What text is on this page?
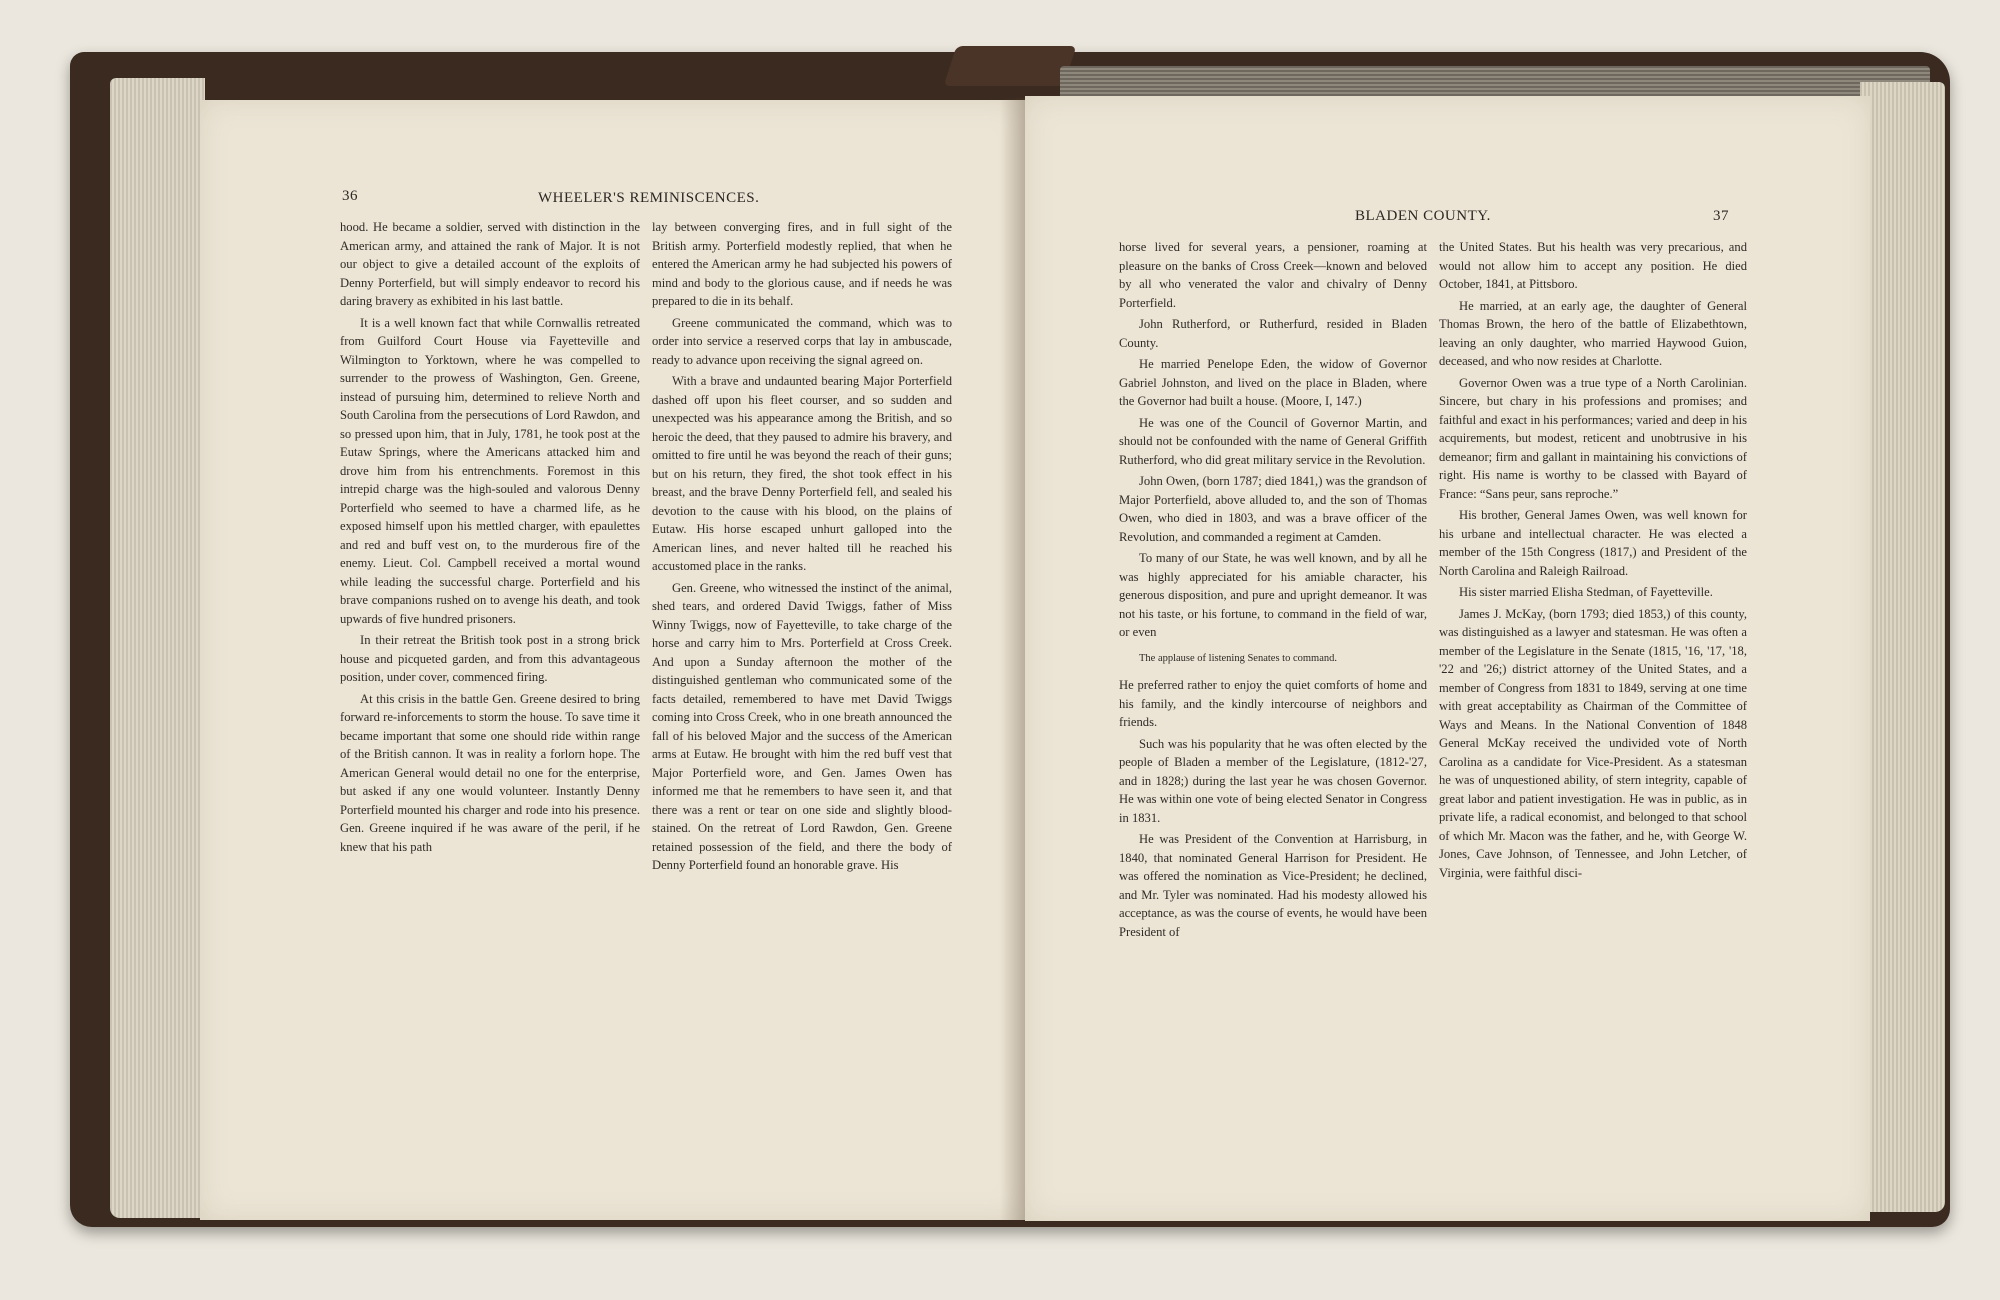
36	WHEELER'S REMINISCENCES.

hood. He became a soldier, served with distinction in the American army, and attained the rank of Major. It is not our object to give a detailed account of the exploits of Denny Porterfield, but will simply endeavor to record his daring bravery as exhibited in his last battle.

It is a well known fact that while Cornwallis retreated from Guilford Court House via Fayetteville and Wilmington to Yorktown, where he was compelled to surrender to the prowess of Washington, Gen. Greene, instead of pursuing him, determined to relieve North and South Carolina from the persecutions of Lord Rawdon, and so pressed upon him, that in July, 1781, he took post at the Eutaw Springs, where the Americans attacked him and drove him from his entrenchments. Foremost in this intrepid charge was the high-souled and valorous Denny Porterfield who seemed to have a charmed life, as he exposed himself upon his mettled charger, with epaulettes and red and buff vest on, to the murderous fire of the enemy. Lieut. Col. Campbell received a mortal wound while leading the successful charge. Porterfield and his brave companions rushed on to avenge his death, and took upwards of five hundred prisoners.

In their retreat the British took post in a strong brick house and picqueted garden, and from this advantageous position, under cover, commenced firing.

At this crisis in the battle Gen. Greene desired to bring forward re-inforcements to storm the house. To save time it became important that some one should ride within range of the British cannon. It was in reality a forlorn hope. The American General would detail no one for the enterprise, but asked if any one would volunteer. Instantly Denny Porterfield mounted his charger and rode into his presence. Gen. Greene inquired if he was aware of the peril, if he knew that his path

lay between converging fires, and in full sight of the British army. Porterfield modestly replied, that when he entered the American army he had subjected his powers of mind and body to the glorious cause, and if needs he was prepared to die in its behalf.

Greene communicated the command, which was to order into service a reserved corps that lay in ambuscade, ready to advance upon receiving the signal agreed on.

With a brave and undaunted bearing Major Porterfield dashed off upon his fleet courser, and so sudden and unexpected was his appearance among the British, and so heroic the deed, that they paused to admire his bravery, and omitted to fire until he was beyond the reach of their guns; but on his return, they fired, the shot took effect in his breast, and the brave Denny Porterfield fell, and sealed his devotion to the cause with his blood, on the plains of Eutaw. His horse escaped unhurt galloped into the American lines, and never halted till he reached his accustomed place in the ranks.

Gen. Greene, who witnessed the instinct of the animal, shed tears, and ordered David Twiggs, father of Miss Winny Twiggs, now of Fayetteville, to take charge of the horse and carry him to Mrs. Porterfield at Cross Creek. And upon a Sunday afternoon the mother of the distinguished gentleman who communicated some of the facts detailed, remembered to have met David Twiggs coming into Cross Creek, who in one breath announced the fall of his beloved Major and the success of the American arms at Eutaw. He brought with him the red buff vest that Major Porterfield wore, and Gen. James Owen has informed me that he remembers to have seen it, and that there was a rent or tear on one side and slightly blood-stained. On the retreat of Lord Rawdon, Gen. Greene retained possession of the field, and there the body of Denny Porterfield found an honorable grave. His

BLADEN COUNTY.	37

horse lived for several years, a pensioner, roaming at pleasure on the banks of Cross Creek—known and beloved by all who venerated the valor and chivalry of Denny Porterfield.

John Rutherford, or Rutherfurd, resided in Bladen County.

He married Penelope Eden, the widow of Governor Gabriel Johnston, and lived on the place in Bladen, where the Governor had built a house. (Moore, I, 147.)

He was one of the Council of Governor Martin, and should not be confounded with the name of General Griffith Rutherford, who did great military service in the Revolution.

John Owen, (born 1787; died 1841,) was the grandson of Major Porterfield, above alluded to, and the son of Thomas Owen, who died in 1803, and was a brave officer of the Revolution, and commanded a regiment at Camden.

To many of our State, he was well known, and by all he was highly appreciated for his amiable character, his generous disposition, and pure and upright demeanor. It was not his taste, or his fortune, to command in the field of war, or even

The applause of listening Senates to command.

He preferred rather to enjoy the quiet comforts of home and his family, and the kindly intercourse of neighbors and friends.

Such was his popularity that he was often elected by the people of Bladen a member of the Legislature, (1812-'27, and in 1828;) during the last year he was chosen Governor. He was within one vote of being elected Senator in Congress in 1831.

He was President of the Convention at Harrisburg, in 1840, that nominated General Harrison for President. He was offered the nomination as Vice-President; he declined, and Mr. Tyler was nominated. Had his modesty allowed his acceptance, as was the course of events, he would have been President of

the United States. But his health was very precarious, and would not allow him to accept any position. He died October, 1841, at Pittsboro.

He married, at an early age, the daughter of General Thomas Brown, the hero of the battle of Elizabethtown, leaving an only daughter, who married Haywood Guion, deceased, and who now resides at Charlotte.

Governor Owen was a true type of a North Carolinian. Sincere, but chary in his professions and promises; and faithful and exact in his performances; varied and deep in his acquirements, but modest, reticent and unobtrusive in his demeanor; firm and gallant in maintaining his convictions of right. His name is worthy to be classed with Bayard of France: “Sans peur, sans reproche.”

His brother, General James Owen, was well known for his urbane and intellectual character. He was elected a member of the 15th Congress (1817,) and President of the North Carolina and Raleigh Railroad.

His sister married Elisha Stedman, of Fayetteville.

James J. McKay, (born 1793; died 1853,) of this county, was distinguished as a lawyer and statesman. He was often a member of the Legislature in the Senate (1815, '16, '17, '18, '22 and '26;) district attorney of the United States, and a member of Congress from 1831 to 1849, serving at one time with great acceptability as Chairman of the Committee of Ways and Means. In the National Convention of 1848 General McKay received the undivided vote of North Carolina as a candidate for Vice-President. As a statesman he was of unquestioned ability, of stern integrity, capable of great labor and patient investigation. He was in public, as in private life, a radical economist, and belonged to that school of which Mr. Macon was the father, and he, with George W. Jones, Cave Johnson, of Tennessee, and John Letcher, of Virginia, were faithful disci-
